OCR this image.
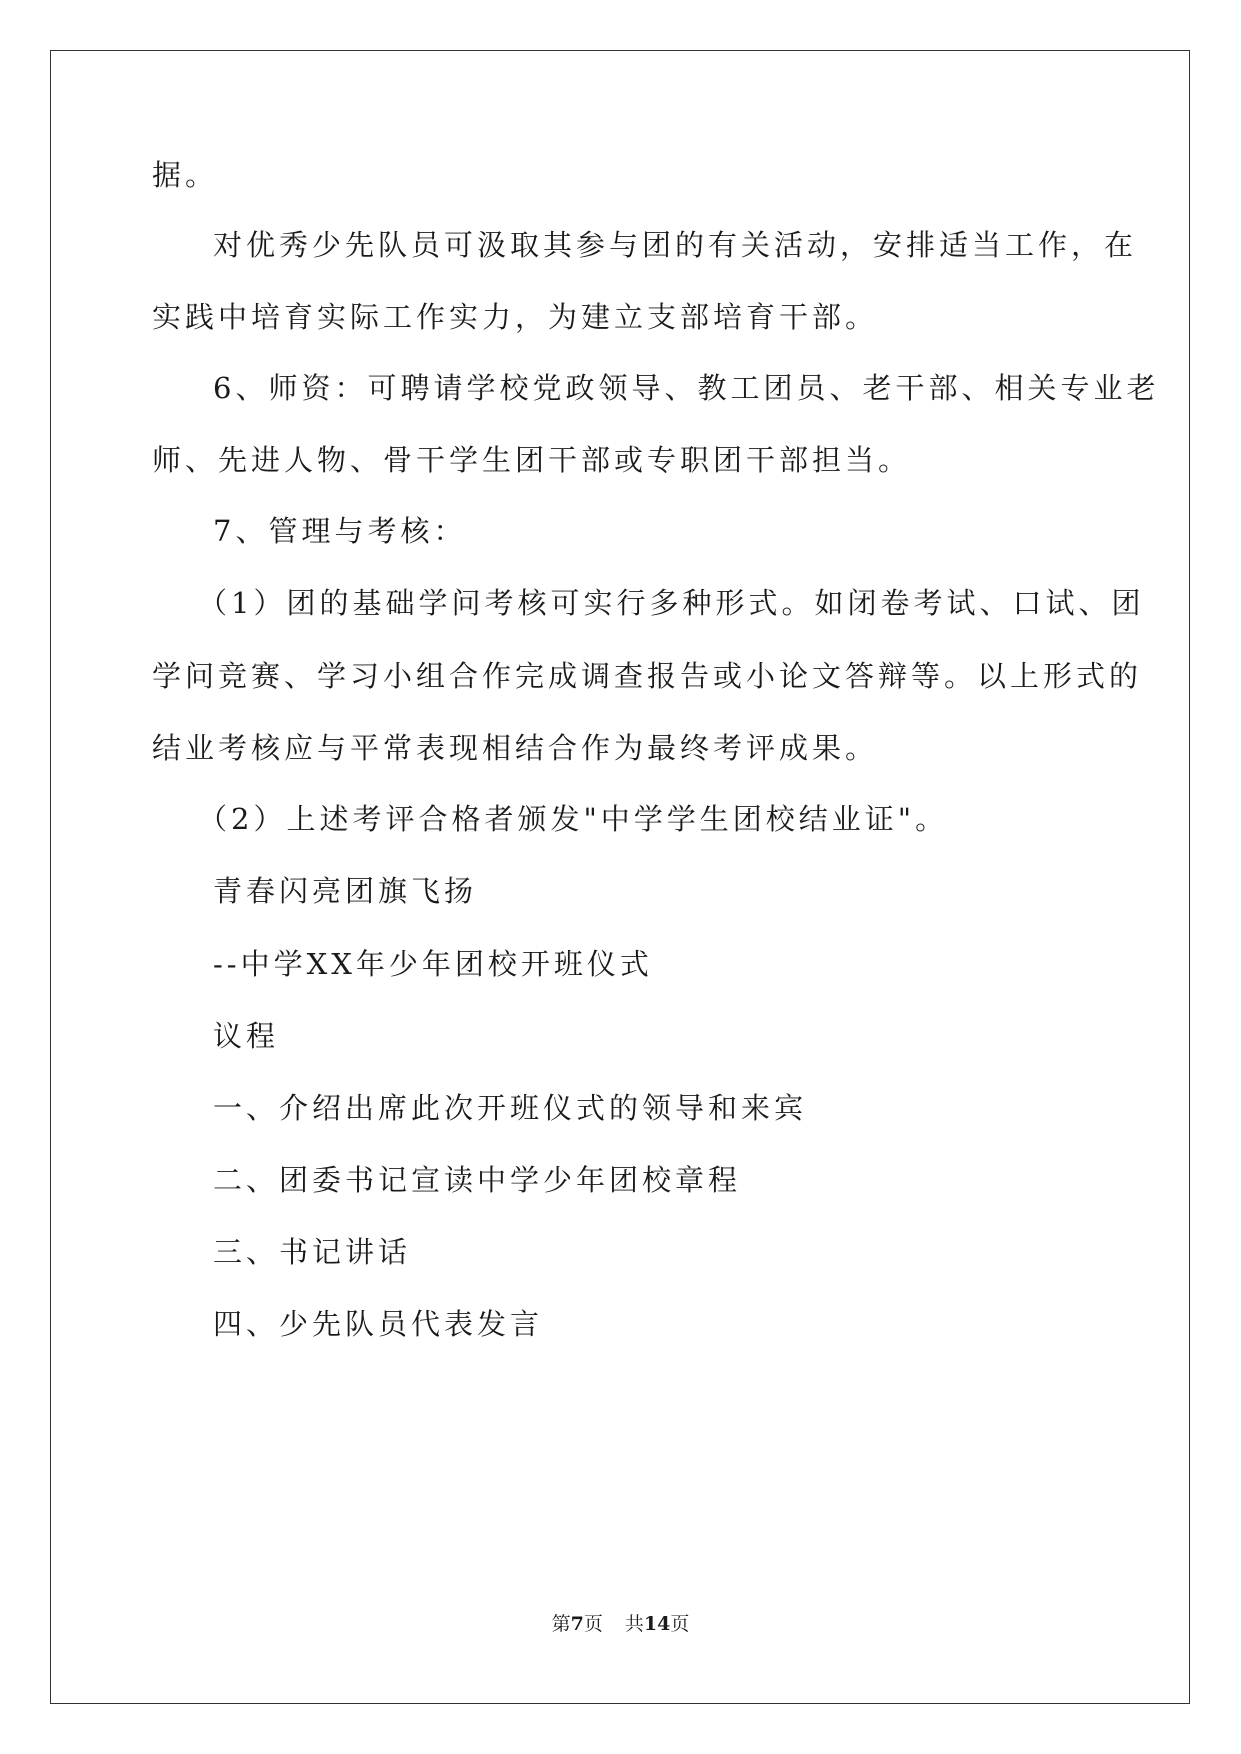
据。

对优秀少先队员可汲取其参与团的有关活动，安排适当工作，在

实践中培育实际工作实力，为建立支部培育干部。

6、师资：可聘请学校党政领导、教工团员、老干部、相关专业老

师、先进人物、骨干学生团干部或专职团干部担当。

7、管理与考核：

（1）团的基础学问考核可实行多种形式。如闭卷考试、口试、团

学问竞赛、学习小组合作完成调查报告或小论文答辩等。以上形式的

结业考核应与平常表现相结合作为最终考评成果。

（2）上述考评合格者颁发"中学学生团校结业证"。

青春闪亮团旗飞扬

--中学XX年少年团校开班仪式

议程

一、介绍出席此次开班仪式的领导和来宾

二、团委书记宣读中学少年团校章程

三、书记讲话

四、少先队员代表发言

第7页 共14页
